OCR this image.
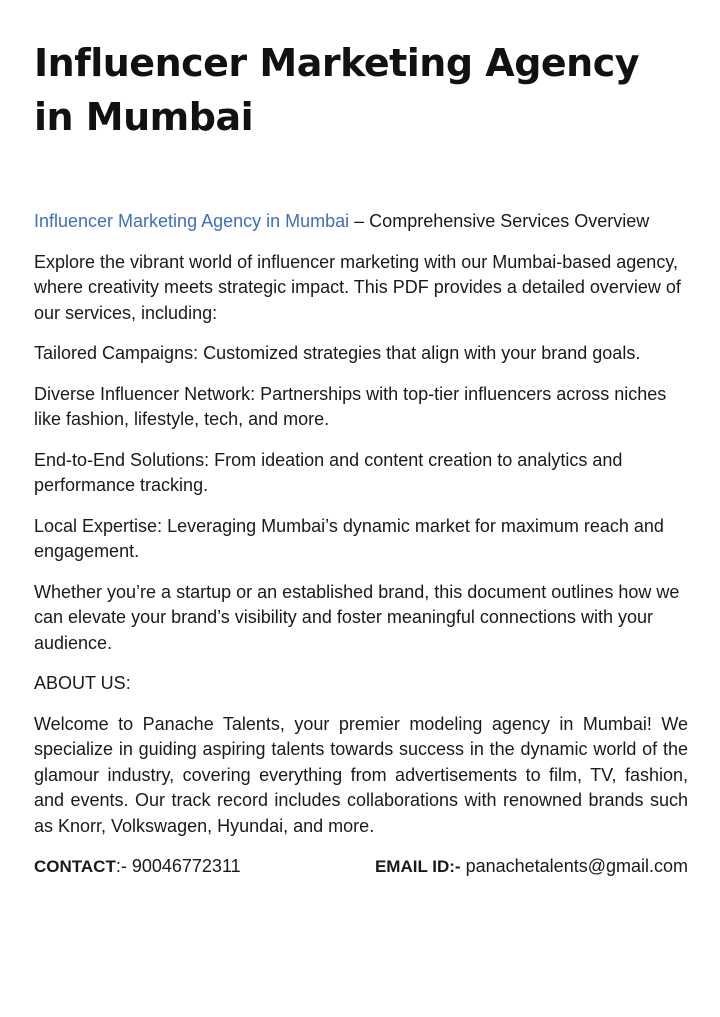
Influencer Marketing Agency in Mumbai

Influencer Marketing Agency in Mumbai – Comprehensive Services Overview

Explore the vibrant world of influencer marketing with our Mumbai-based agency, where creativity meets strategic impact. This PDF provides a detailed overview of our services, including:

Tailored Campaigns: Customized strategies that align with your brand goals.

Diverse Influencer Network: Partnerships with top-tier influencers across niches like fashion, lifestyle, tech, and more.

End-to-End Solutions: From ideation and content creation to analytics and performance tracking.

Local Expertise: Leveraging Mumbai’s dynamic market for maximum reach and engagement.

Whether you’re a startup or an established brand, this document outlines how we can elevate your brand’s visibility and foster meaningful connections with your audience.

ABOUT US:

Welcome to Panache Talents, your premier modeling agency in Mumbai! We specialize in guiding aspiring talents towards success in the dynamic world of the glamour industry, covering everything from advertisements to film, TV, fashion, and events. Our track record includes collaborations with renowned brands such as Knorr, Volkswagen, Hyundai, and more.

CONTACT:- 90046772311	EMAIL ID:- panachetalents@gmail.com
